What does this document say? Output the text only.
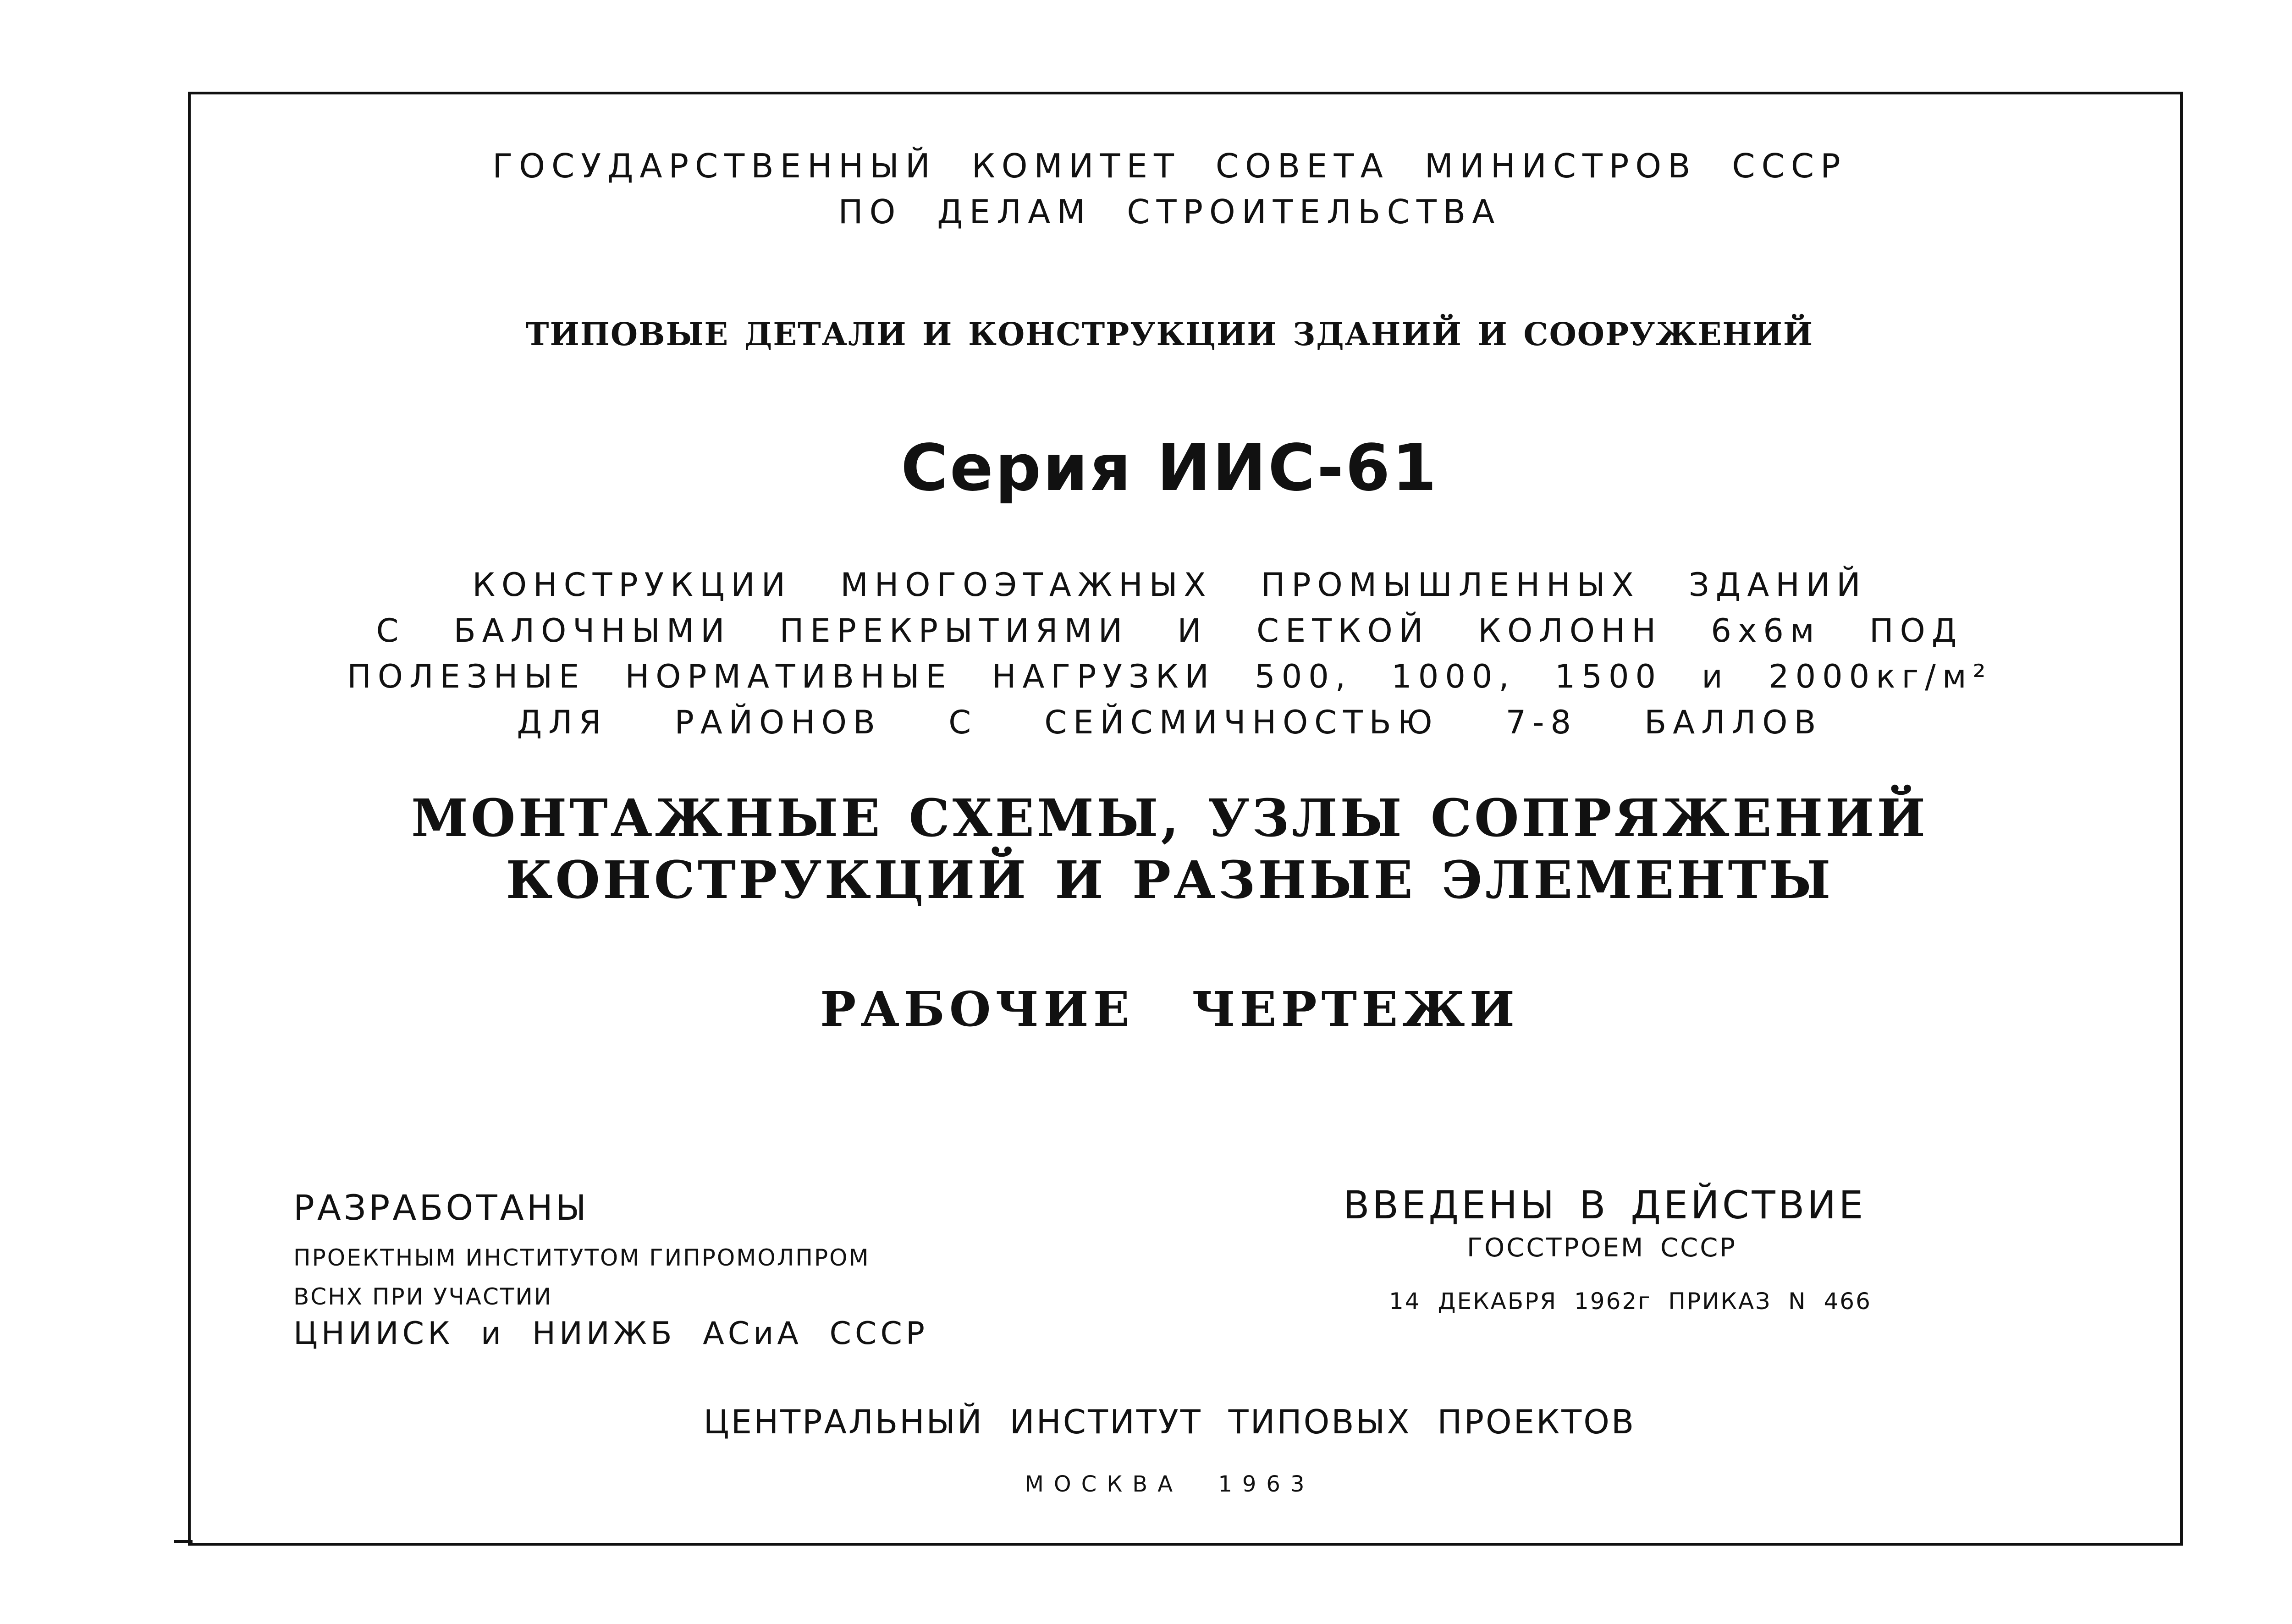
ГОСУДАРСТВЕННЫЙ КОМИТЕТ СОВЕТА МИНИСТРОВ СССР

ПО ДЕЛАМ СТРОИТЕЛЬСТВА

ТИПОВЫЕ ДЕТАЛИ И КОНСТРУКЦИИ ЗДАНИЙ И СООРУЖЕНИЙ

Серия ИИС-61

КОНСТРУКЦИИ МНОГОЭТАЖНЫХ ПРОМЫШЛЕННЫХ ЗДАНИЙ

С БАЛОЧНЫМИ ПЕРЕКРЫТИЯМИ И СЕТКОЙ КОЛОНН 6х6м ПОД

ПОЛЕЗНЫЕ НОРМАТИВНЫЕ НАГРУЗКИ 500, 1000, 1500 и 2000кг/м²

ДЛЯ РАЙОНОВ С СЕЙСМИЧНОСТЬЮ 7-8 БАЛЛОВ

МОНТАЖНЫЕ СХЕМЫ, УЗЛЫ СОПРЯЖЕНИЙ

КОНСТРУКЦИЙ И РАЗНЫЕ ЭЛЕМЕНТЫ

РАБОЧИЕ ЧЕРТЕЖИ

РАЗРАБОТАНЫ
ПРОЕКТНЫМ ИНСТИТУТОМ ГИПРОМОЛПРОМ
ВСНХ ПРИ УЧАСТИИ
ЦНИИСК и НИИЖБ АСиА СССР
ВВЕДЕНЫ В ДЕЙСТВИЕ
ГОССТРОЕМ СССР
14 ДЕКАБРЯ 1962г ПРИКАЗ N 466

ЦЕНТРАЛЬНЫЙ ИНСТИТУТ ТИПОВЫХ ПРОЕКТОВ

МОСКВА 1963
